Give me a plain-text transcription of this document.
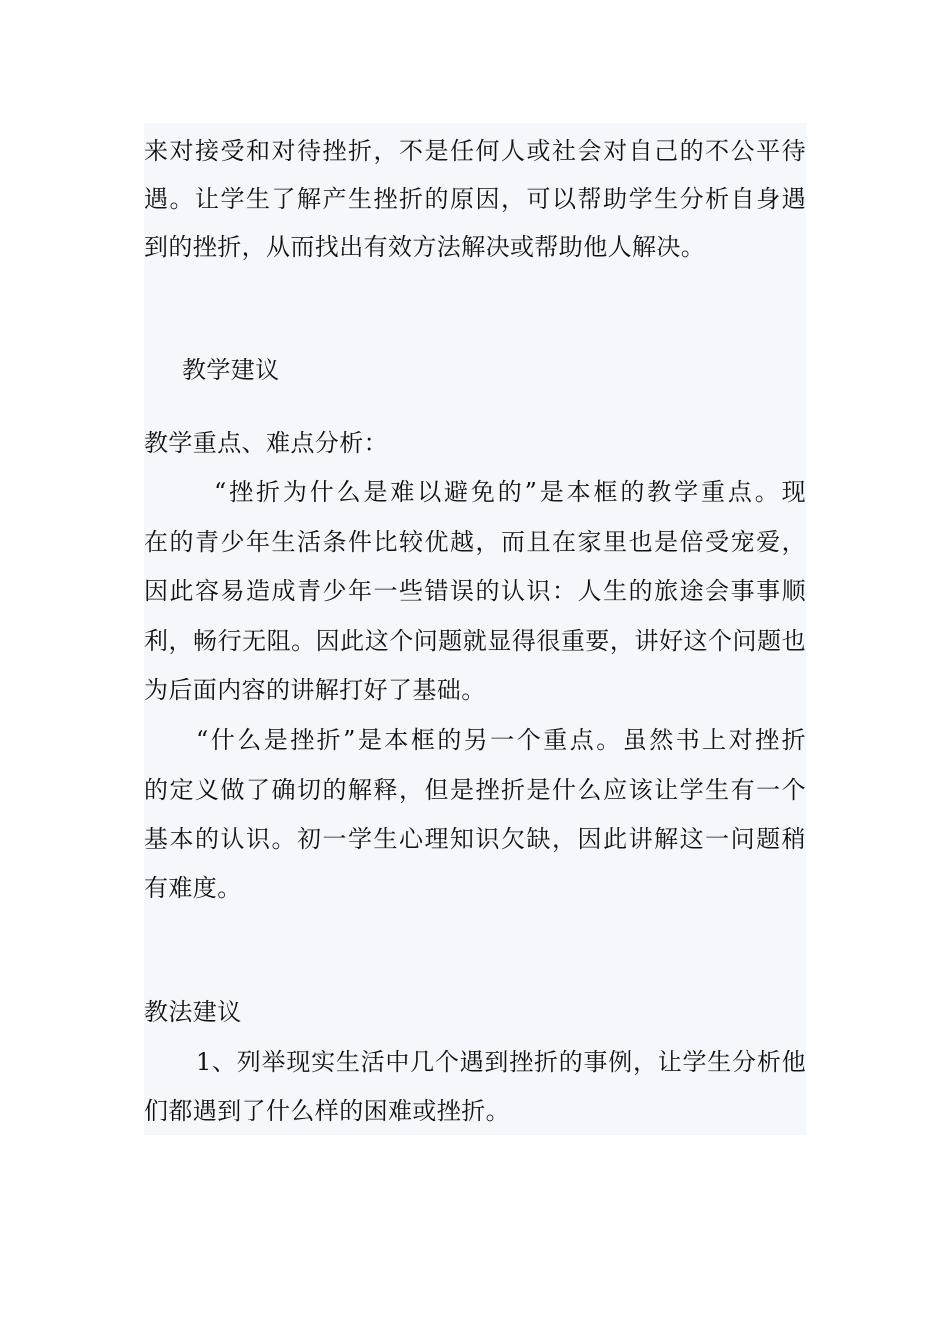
来对接受和对待挫折，不是任何人或社会对自己的不公平待
遇。让学生了解产生挫折的原因，可以帮助学生分析自身遇
到的挫折，从而找出有效方法解决或帮助他人解决。
教学建议
教学重点、难点分析：
“挫折为什么是难以避免的”是本框的教学重点。现
在的青少年生活条件比较优越，而且在家里也是倍受宠爱，
因此容易造成青少年一些错误的认识：人生的旅途会事事顺
利，畅行无阻。因此这个问题就显得很重要，讲好这个问题也
为后面内容的讲解打好了基础。
“什么是挫折”是本框的另一个重点。虽然书上对挫折
的定义做了确切的解释，但是挫折是什么应该让学生有一个
基本的认识。初一学生心理知识欠缺，因此讲解这一问题稍
有难度。
教法建议
1、列举现实生活中几个遇到挫折的事例，让学生分析他
们都遇到了什么样的困难或挫折。
